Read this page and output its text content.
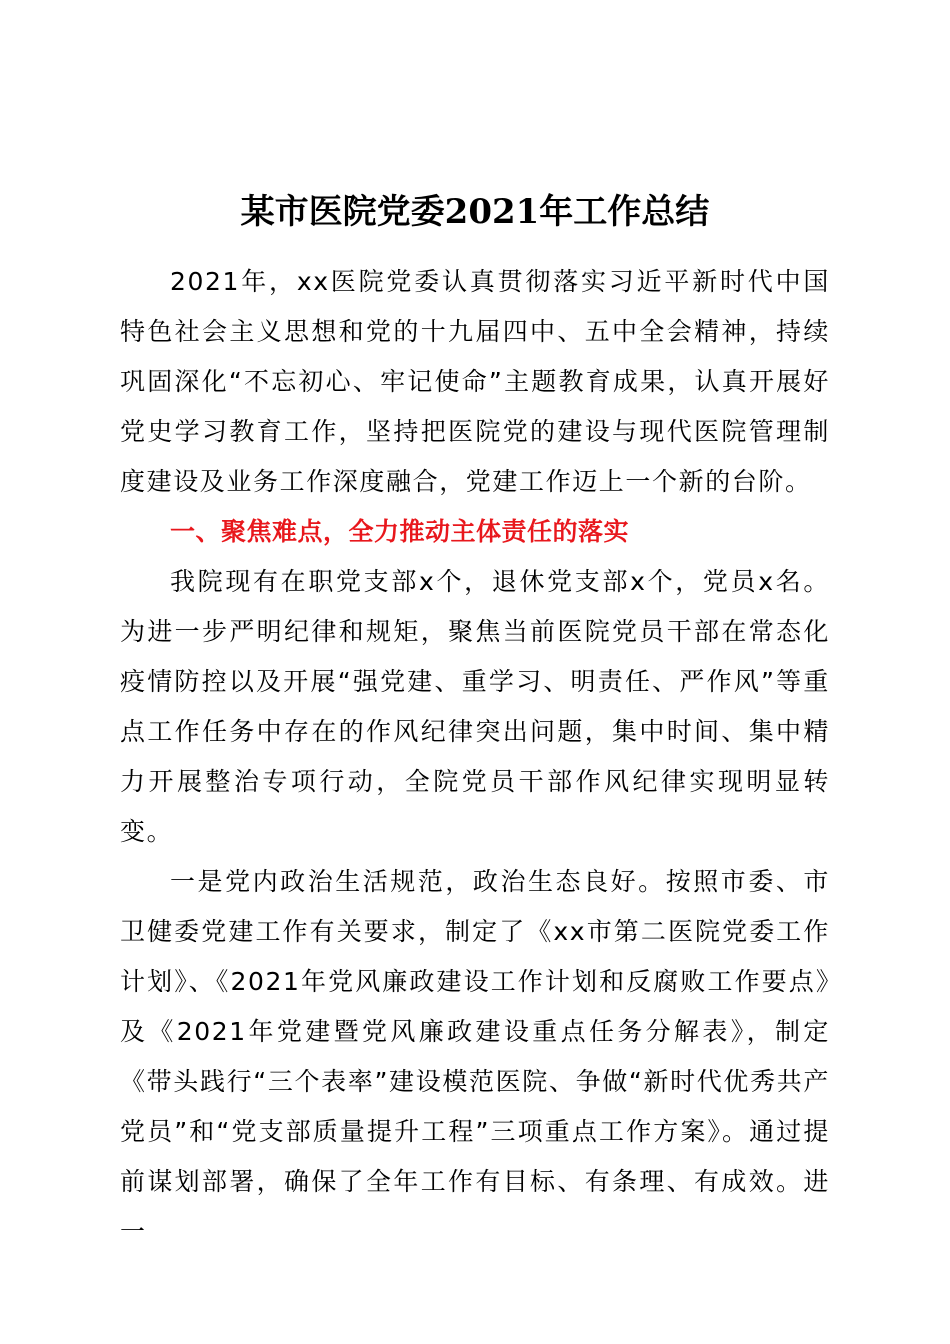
某市医院党委2021年工作总结

2021年，xx医院党委认真贯彻落实习近平新时代中国特色社会主义思想和党的十九届四中、五中全会精神，持续巩固深化“不忘初心、牢记使命”主题教育成果，认真开展好党史学习教育工作，坚持把医院党的建设与现代医院管理制度建设及业务工作深度融合，党建工作迈上一个新的台阶。

一、聚焦难点，全力推动主体责任的落实

我院现有在职党支部x个，退休党支部x个，党员x名。为进一步严明纪律和规矩，聚焦当前医院党员干部在常态化疫情防控以及开展“强党建、重学习、明责任、严作风”等重点工作任务中存在的作风纪律突出问题，集中时间、集中精力开展整治专项行动，全院党员干部作风纪律实现明显转变。

一是党内政治生活规范，政治生态良好。按照市委、市卫健委党建工作有关要求，制定了《xx市第二医院党委工作计划》、《2021年党风廉政建设工作计划和反腐败工作要点》及《2021年党建暨党风廉政建设重点任务分解表》，制定《带头践行“三个表率”建设模范医院、争做“新时代优秀共产党员”和“党支部质量提升工程”三项重点工作方案》。通过提前谋划部署，确保了全年工作有目标、有条理、有成效。进一
